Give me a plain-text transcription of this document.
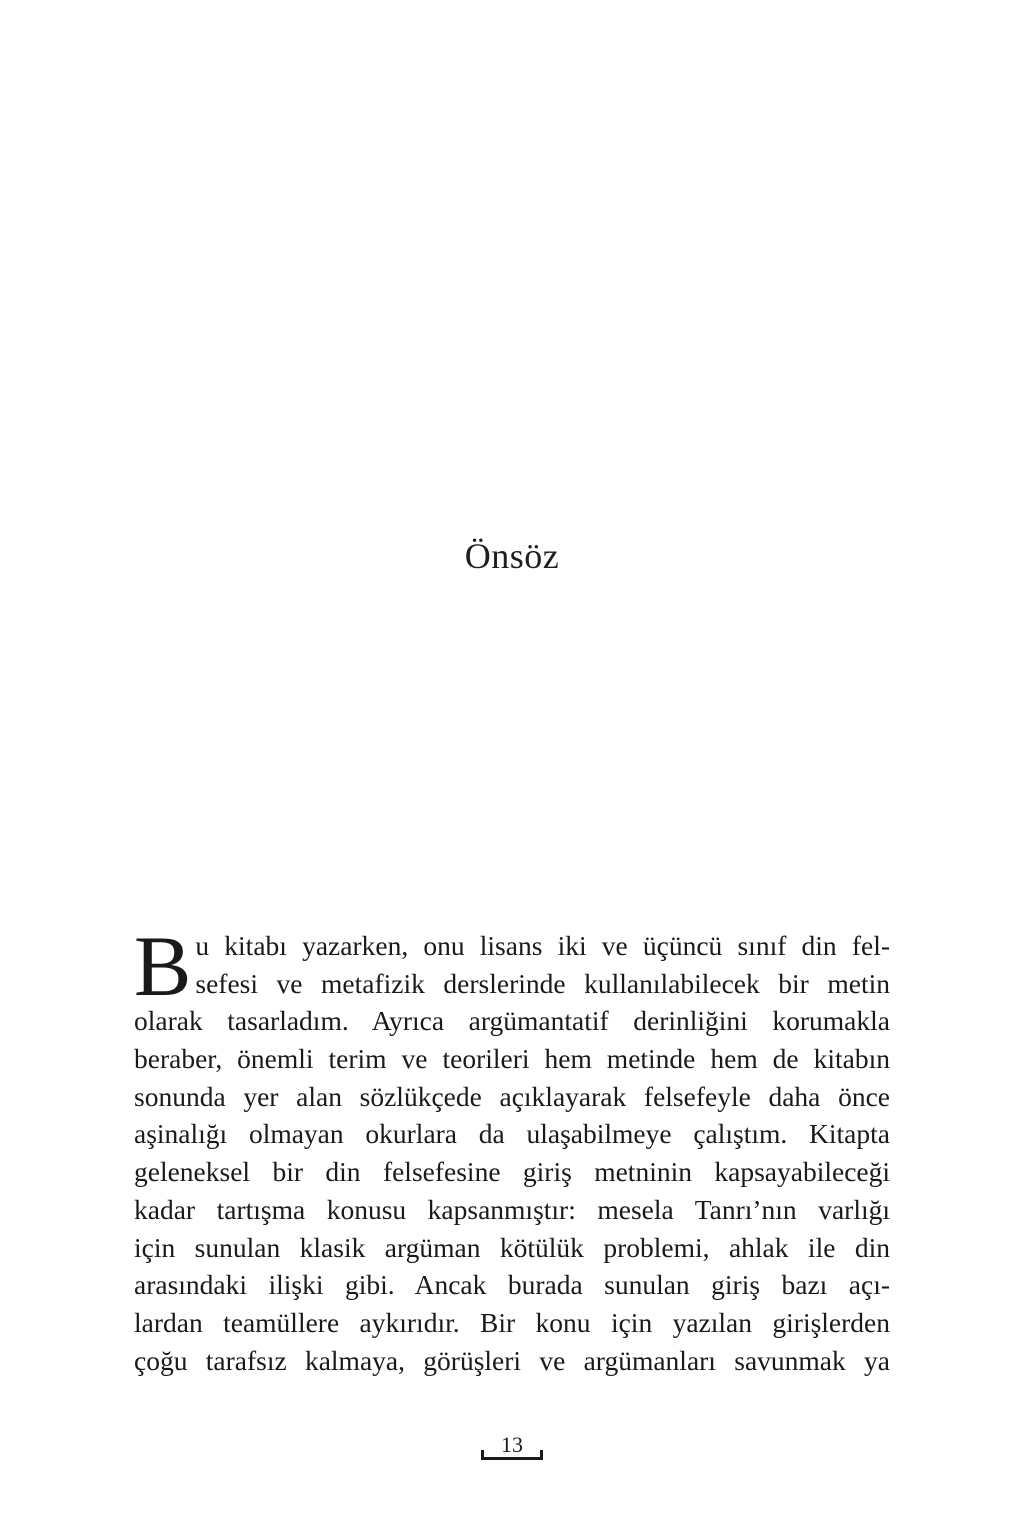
Önsöz
B u kitabı yazarken, onu lisans iki ve üçüncü sınıf din fel-
sefesi ve metafizik derslerinde kullanılabilecek bir metin
olarak tasarladım. Ayrıca argümantatif derinliğini korumakla
beraber, önemli terim ve teorileri hem metinde hem de kitabın
sonunda yer alan sözlükçede açıklayarak felsefeyle daha önce
aşinalığı olmayan okurlara da ulaşabilmeye çalıştım. Kitapta
geleneksel bir din felsefesine giriş metninin kapsayabileceği
kadar tartışma konusu kapsanmıştır: mesela Tanrı’nın varlığı
için sunulan klasik argüman kötülük problemi, ahlak ile din
arasındaki ilişki gibi. Ancak burada sunulan giriş bazı açı-
lardan teamüllere aykırıdır. Bir konu için yazılan girişlerden
çoğu tarafsız kalmaya, görüşleri ve argümanları savunmak ya
13
